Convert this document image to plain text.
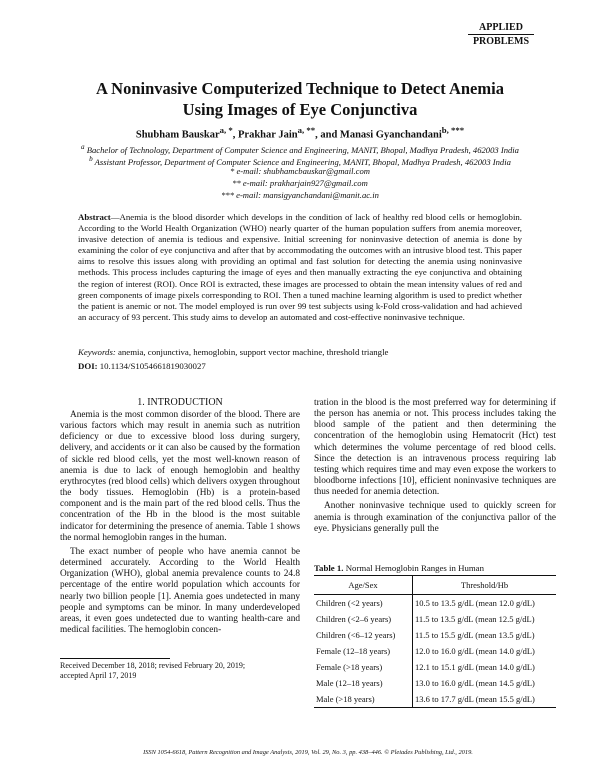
APPLIED
PROBLEMS
A Noninvasive Computerized Technique to Detect Anemia
Using Images of Eye Conjunctiva
Shubham Bauskar$^{a, *}$, Prakhar Jain$^{a, **}$, and Manasi Gyanchandani$^{b, ***}$
$^a$ Bachelor of Technology, Department of Computer Science and Engineering, MANIT, Bhopal, Madhya Pradesh, 462003 India
$^b$ Assistant Professor, Department of Computer Science and Engineering, MANIT, Bhopal, Madhya Pradesh, 462003 India
* e-mail: shubhamcbauskar@gmail.com
** e-mail: prakharjain927@gmail.com
*** e-mail: mansigyanchandani@manit.ac.in
Abstract—Anemia is the blood disorder which develops in the condition of lack of healthy red blood cells or hemoglobin. According to the World Health Organization (WHO) nearly quarter of the human population suffers from anemia moreover, invasive detection of anemia is tedious and expensive. Initial screening for noninvasive detection of anemia is done by examining the color of eye conjunctiva and after that by accommodating the outcomes with an intrusive blood test. This paper aims to resolve this issues along with providing an optimal and fast solution for detecting the anemia using noninvasive methods. This process includes capturing the image of eyes and then manually extracting the eye conjunctiva and obtaining the region of interest (ROI). Once ROI is extracted, these images are processed to obtain the mean intensity values of red and green components of image pixels corresponding to ROI. Then a tuned machine learning algorithm is used to predict whether the patient is anemic or not. The model employed is run over 99 test subjects using k-Fold cross-validation and had achieved an accuracy of 93 percent. This study aims to develop an automated and cost-effective noninvasive technique.
Keywords: anemia, conjunctiva, hemoglobin, support vector machine, threshold triangle
DOI: 10.1134/S1054661819030027
1. INTRODUCTION

Anemia is the most common disorder of the blood. There are various factors which may result in anemia such as nutrition deficiency or due to excessive blood loss during surgery, delivery, and accidents or it can also be caused by the formation of sickle red blood cells, yet the most well-known reason of anemia is due to lack of enough hemoglobin and healthy erythrocytes (red blood cells) which delivers oxygen throughout the body tissues. Hemoglobin (Hb) is a protein-based component and is the main part of the red blood cells. Thus the concentration of the Hb in the blood is the most suitable indicator for determining the presence of anemia. Table 1 shows the normal hemoglobin ranges in the human.

The exact number of people who have anemia cannot be determined accurately. According to the World Health Organization (WHO), global anemia prevalence counts to 24.8 percentage of the entire world population which accounts for nearly two billion people [1]. Anemia goes undetected in many people and symptoms can be minor. In many underdeveloped areas, it even goes undetected due to wanting health-care and medical facilities. The hemoglobin concen-

tration in the blood is the most preferred way for determining if the person has anemia or not. This process includes taking the blood sample of the patient and then determining the concentration of the hemoglobin using Hematocrit (Hct) test which determines the volume percentage of red blood cells. Since the detection is an intravenous process requiring lab testing which requires time and may even expose the workers to bloodborne infections [10], efficient noninvasive techniques are thus needed for anemia detection.

Another noninvasive technique used to quickly screen for anemia is through examination of the conjunctiva pallor of the eye. Physicians generally pull the

Table 1. Normal Hemoglobin Ranges in Human
Age/Sex	Threshold/Hb
Children (<2 years)	10.5 to 13.5 g/dL (mean 12.0 g/dL)
Children (<2–6 years)	11.5 to 13.5 g/dL (mean 12.5 g/dL)
Children (<6–12 years)	11.5 to 15.5 g/dL (mean 13.5 g/dL)
Female (12–18 years)	12.0 to 16.0 g/dL (mean 14.0 g/dL)
Female (>18 years)	12.1 to 15.1 g/dL (mean 14.0 g/dL)
Male (12–18 years)	13.0 to 16.0 g/dL (mean 14.5 g/dL)
Male (>18 years)	13.6 to 17.7 g/dL (mean 15.5 g/dL)
Received December 18, 2018; revised February 20, 2019;
accepted April 17, 2019
ISSN 1054-6618, Pattern Recognition and Image Analysis, 2019, Vol. 29, No. 3, pp. 438–446. © Pleiades Publishing, Ltd., 2019.
